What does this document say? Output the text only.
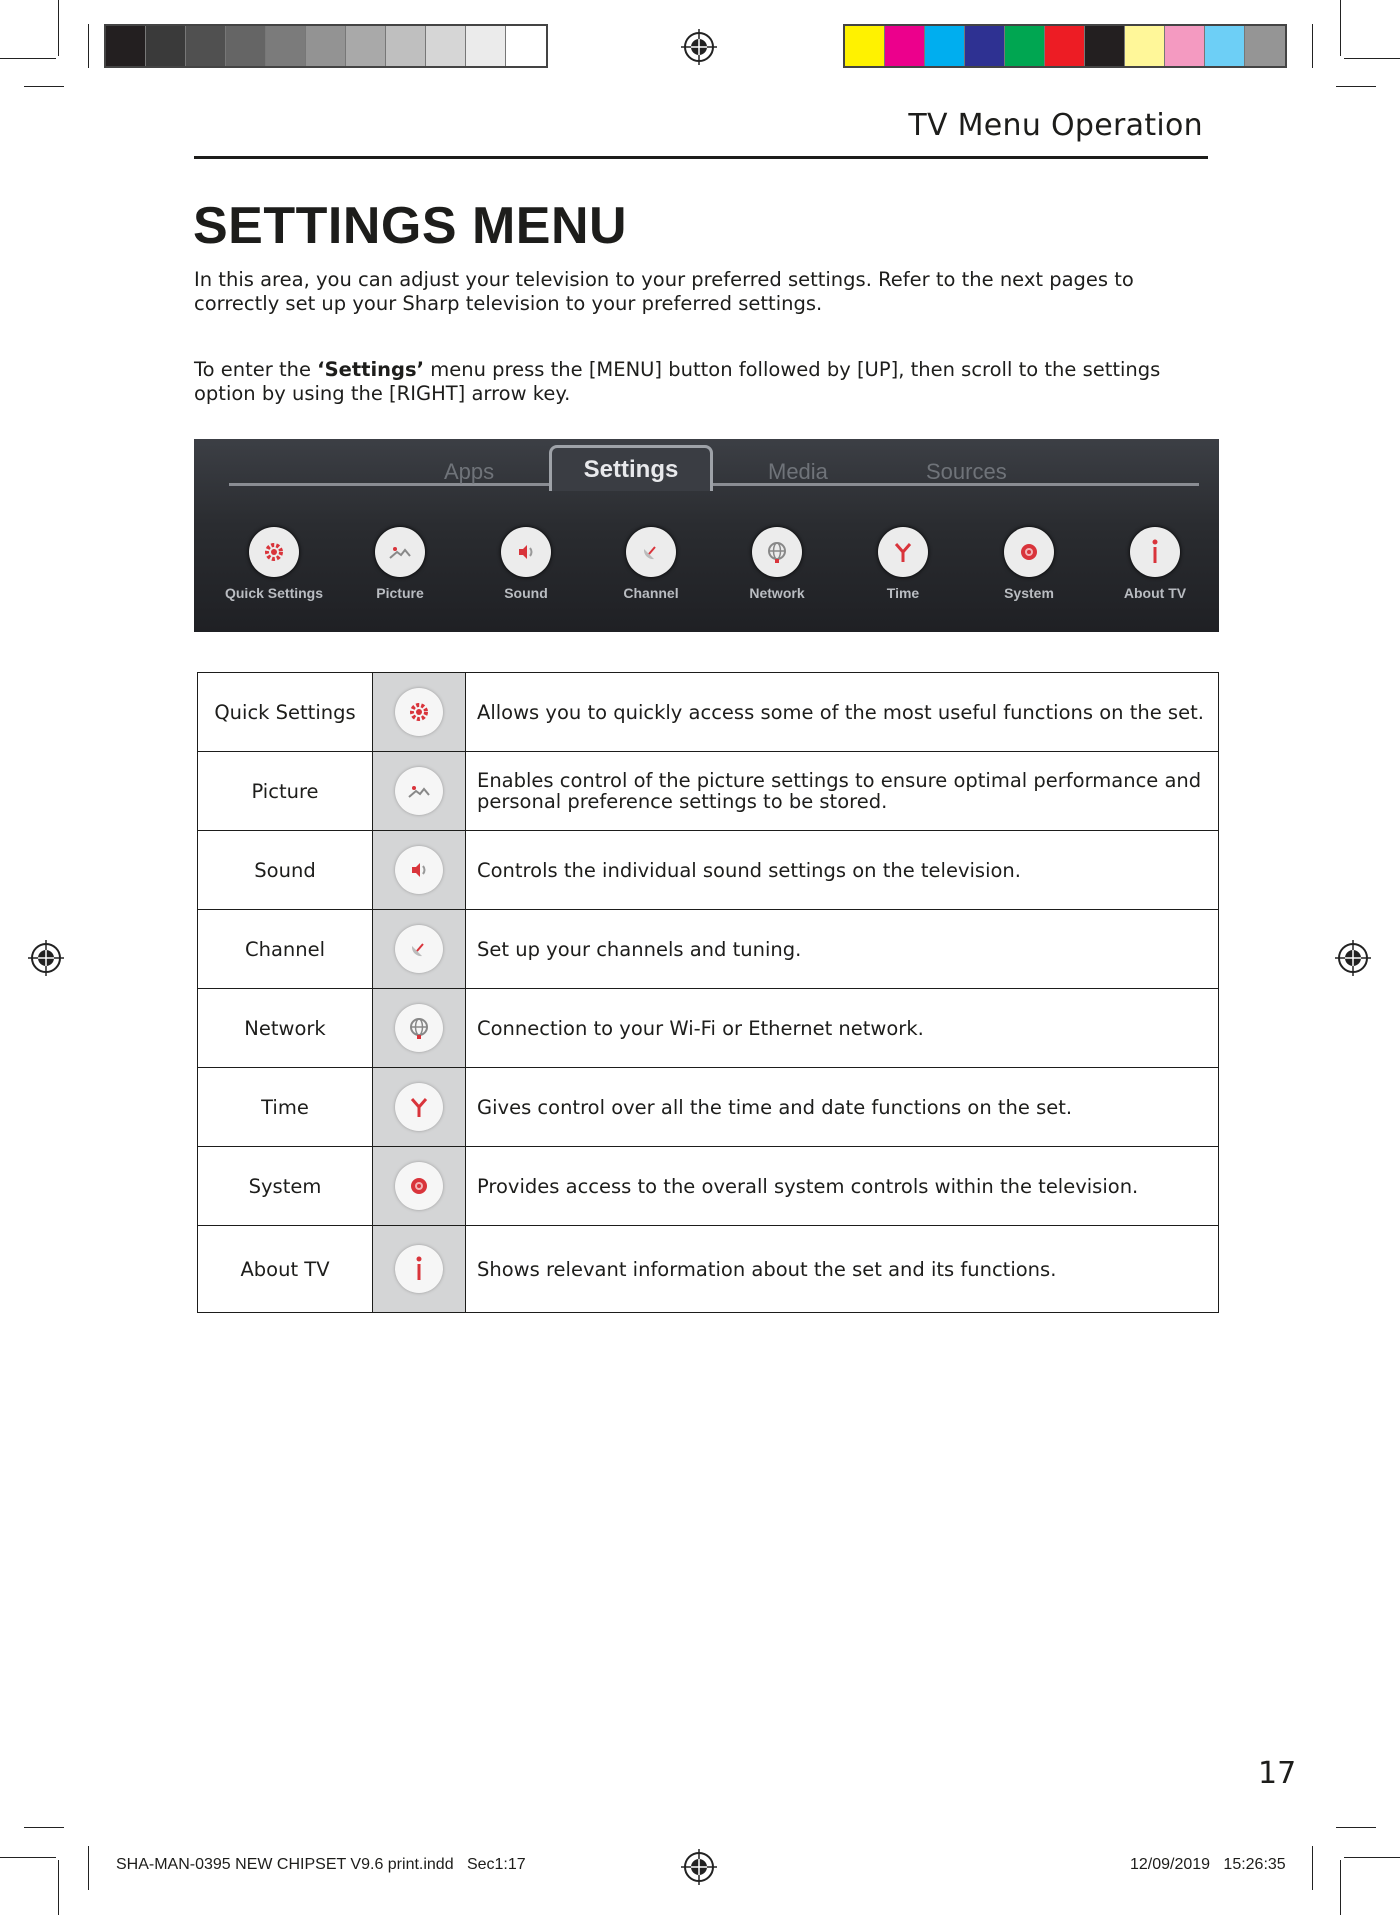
TV Menu Operation
SETTINGS MENU
In this area, you can adjust your television to your preferred settings. Refer to the next pages to correctly set up your Sharp television to your preferred settings.
To enter the ‘Settings’ menu press the [MENU] button followed by [UP], then scroll to the settings option by using the [RIGHT] arrow key.
Apps	Settings	Media	Sources
Quick Settings	Picture	Sound	Channel	Network	Time	System	About TV
Quick Settings		Allows you to quickly access some of the most useful functions on the set.
Picture		Enables control of the picture settings to ensure optimal performance and personal preference settings to be stored.
Sound		Controls the individual sound settings on the television.
Channel		Set up your channels and tuning.
Network		Connection to your Wi-Fi or Ethernet network.
Time		Gives control over all the time and date functions on the set.
System		Provides access to the overall system controls within the television.
About TV		Shows relevant information about the set and its functions.
17
SHA-MAN-0395 NEW CHIPSET V9.6 print.indd   Sec1:17	12/09/2019   15:26:35
